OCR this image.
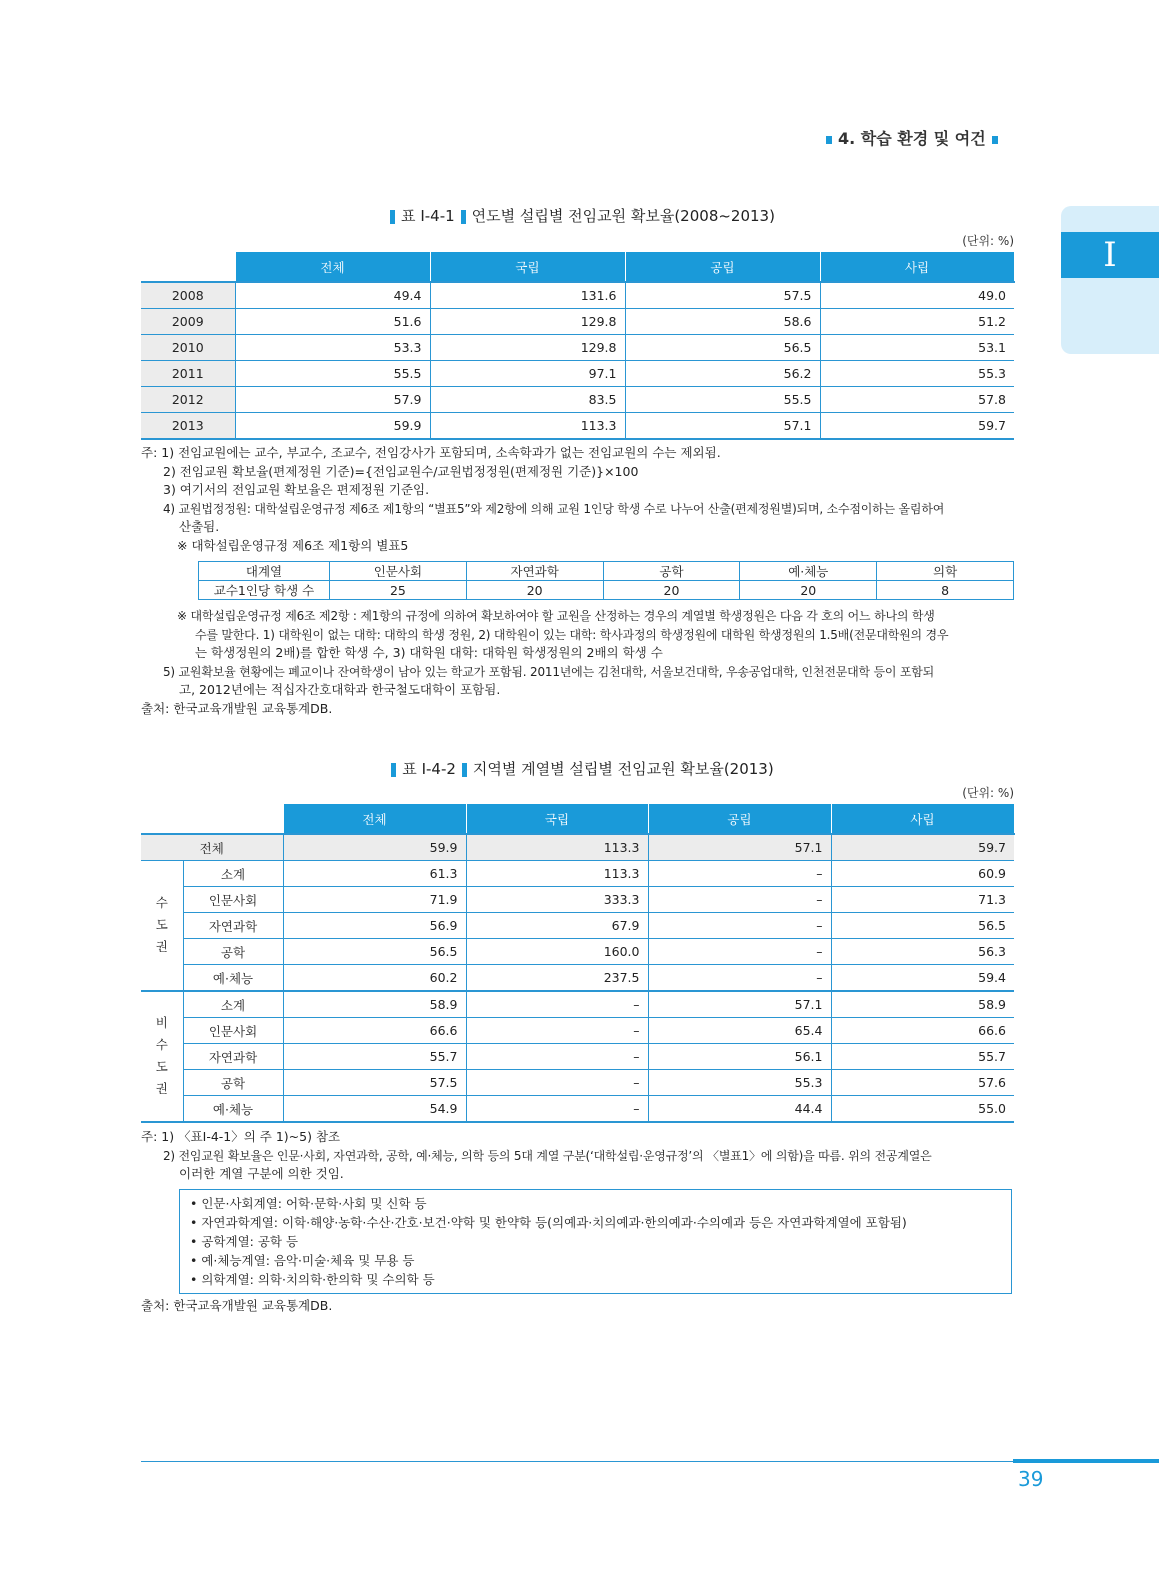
4. 학습 환경 및 여건
I
표 Ⅰ-4-1 연도별 설립별 전임교원 확보율(2008~2013)
(단위: %)
	전체	국립	공립	사립
2008	49.4	131.6	57.5	49.0
2009	51.6	129.8	58.6	51.2
2010	53.3	129.8	56.5	53.1
2011	55.5	97.1	56.2	55.3
2012	57.9	83.5	55.5	57.8
2013	59.9	113.3	57.1	59.7
주: 1) 전임교원에는 교수, 부교수, 조교수, 전임강사가 포함되며, 소속학과가 없는 전임교원의 수는 제외됨.
2) 전임교원 확보율(편제정원 기준)={전임교원수/교원법정정원(편제정원 기준)}×100
3) 여기서의 전임교원 확보율은 편제정원 기준임.
4) 교원법정정원: 대학설립운영규정 제6조 제1항의 “별표5”와 제2항에 의해 교원 1인당 학생 수로 나누어 산출(편제정원별)되며, 소수점이하는 올림하여
산출됨.
※ 대학설립운영규정 제6조 제1항의 별표5
대계열	인문사회	자연과학	공학	예·체능	의학
교수1인당 학생 수	25	20	20	20	8
※ 대학설립운영규정 제6조 제2항 : 제1항의 규정에 의하여 확보하여야 할 교원을 산정하는 경우의 계열별 학생정원은 다음 각 호의 어느 하나의 학생
수를 말한다. 1) 대학원이 없는 대학: 대학의 학생 정원, 2) 대학원이 있는 대학: 학사과정의 학생정원에 대학원 학생정원의 1.5배(전문대학원의 경우
는 학생정원의 2배)를 합한 학생 수, 3) 대학원 대학: 대학원 학생정원의 2배의 학생 수
5) 교원확보율 현황에는 폐교이나 잔여학생이 남아 있는 학교가 포함됨. 2011년에는 김천대학, 서울보건대학, 우송공업대학, 인천전문대학 등이 포함되
고, 2012년에는 적십자간호대학과 한국철도대학이 포함됨.
출처: 한국교육개발원 교육통계DB.
표 Ⅰ-4-2 지역별 계열별 설립별 전임교원 확보율(2013)
(단위: %)
		전체	국립	공립	사립
전체		59.9	113.3	57.1	59.7
수도권	소계	61.3	113.3	–	60.9
	인문사회	71.9	333.3	–	71.3
	자연과학	56.9	67.9	–	56.5
	공학	56.5	160.0	–	56.3
	예·체능	60.2	237.5	–	59.4
비수도권	소계	58.9	–	57.1	58.9
	인문사회	66.6	–	65.4	66.6
	자연과학	55.7	–	56.1	55.7
	공학	57.5	–	55.3	57.6
	예·체능	54.9	–	44.4	55.0
주: 1) 〈표Ⅰ-4-1〉의 주 1)~5) 참조
2) 전임교원 확보율은 인문·사회, 자연과학, 공학, 예·체능, 의학 등의 5대 계열 구분(‘대학설립·운영규정’의 〈별표1〉에 의함)을 따름. 위의 전공계열은
이러한 계열 구분에 의한 것임.
• 인문·사회계열: 어학·문학·사회 및 신학 등
• 자연과학계열: 이학·해양·농학·수산·간호·보건·약학 및 한약학 등(의예과·치의예과·한의예과·수의예과 등은 자연과학계열에 포함됨)
• 공학계열: 공학 등
• 예·체능계열: 음악·미술·체육 및 무용 등
• 의학계열: 의학·치의학·한의학 및 수의학 등
출처: 한국교육개발원 교육통계DB.
39
